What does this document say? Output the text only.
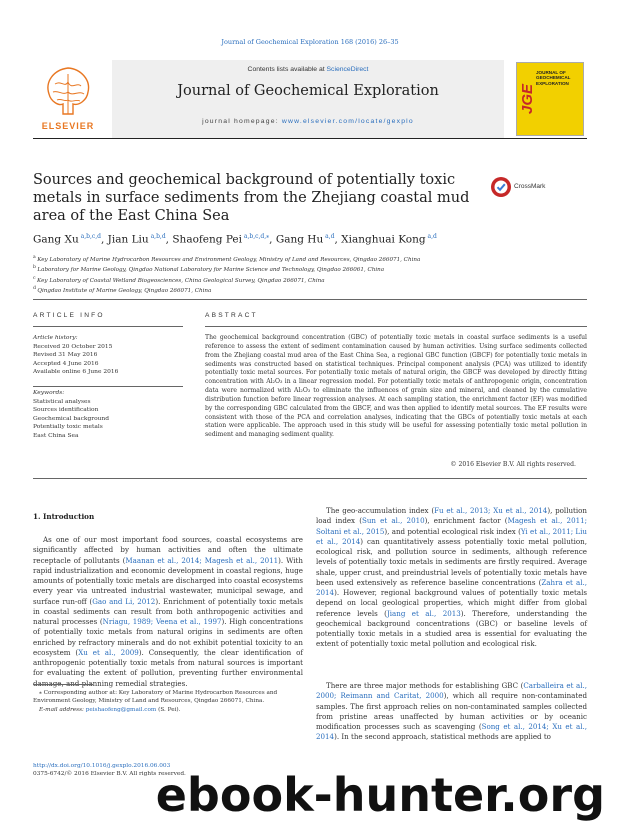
Journal of Geochemical Exploration 168 (2016) 26–35
ELSEVIER
Contents lists available at ScienceDirect
Journal of Geochemical Exploration
journal homepage: www.elsevier.com/locate/gexplo
JGE
JOURNAL OF GEOCHEMICAL EXPLORATION
Sources and geochemical background of potentially toxic metals in surface sediments from the Zhejiang coastal mud area of the East China Sea
CrossMark
Gang Xu $^{a,b,c,d}$, Jian Liu $^{a,b,d}$, Shaofeng Pei $^{a,b,c,d,⁎}$, Gang Hu $^{a,d}$, Xianghuai Kong $^{a,d}$
$^a$ Key Laboratory of Marine Hydrocarbon Resources and Environment Geology, Ministry of Land and Resources, Qingdao 266071, China
$^b$ Laboratory for Marine Geology, Qingdao National Laboratory for Marine Science and Technology, Qingdao 266061, China
$^c$ Key Laboratory of Coastal Wetland Biogeosciences, China Geological Survey, Qingdao 266071, China
$^d$ Qingdao Institute of Marine Geology, Qingdao 266071, China
ARTICLE INFO	ABSTRACT
Article history:
Received 20 October 2015
Revised 31 May 2016
Accepted 4 June 2016
Available online 6 June 2016
Keywords:
Statistical analyses
Sources identification
Geochemical background
Potentially toxic metals
East China Sea
The geochemical background concentration (GBC) of potentially toxic metals in coastal surface sediments is a useful reference to assess the extent of sediment contamination caused by human activities. Using surface sediments collected from the Zhejiang coastal mud area of the East China Sea, a regional GBC function (GBCF) for potentially toxic metals in sediments was constructed based on statistical techniques. Principal component analysis (PCA) was utilized to identify potentially toxic metal sources. For potentially toxic metals of natural origin, the GBCF was developed by directly fitting concentration with Al₂O₃ in a linear regression model. For potentially toxic metals of anthropogenic origin, concentration data were normalized with Al₂O₃ to eliminate the influences of grain size and mineral, and cleaned by the cumulative distribution function before linear regression analyses. At each sampling station, the enrichment factor (EF) was modified by the corresponding GBC calculated from the GBCF, and was then applied to identify metal sources. The EF results were consistent with those of the PCA and correlation analyses, indicating that the GBCs of potentially toxic metals at each station were applicable. The approach used in this study will be useful for assessing potentially toxic metal pollution in sediment and managing sediment quality.
© 2016 Elsevier B.V. All rights reserved.
1. Introduction
As one of our most important food sources, coastal ecosystems are significantly affected by human activities and often the ultimate receptacle of pollutants (Maanan et al., 2014; Magesh et al., 2011). With rapid industrialization and economic development in coastal regions, huge amounts of potentially toxic metals are discharged into coastal ecosystems every year via untreated industrial wastewater, municipal sewage, and surface run-off (Gao and Li, 2012). Enrichment of potentially toxic metals in coastal sediments can result from both anthropogenic activities and natural processes (Nriagu, 1989; Veena et al., 1997). High concentrations of potentially toxic metals from natural origins in sediments are often enriched by refractory minerals and do not exhibit potential toxicity to an ecosystem (Xu et al., 2009). Consequently, the clear identification of anthropogenic potentially toxic metals from natural sources is important for evaluating the extent of pollution, preventing further environmental damage, and planning remedial strategies.
The geo-accumulation index (Fu et al., 2013; Xu et al., 2014), pollution load index (Sun et al., 2010), enrichment factor (Magesh et al., 2011; Soltani et al., 2015), and potential ecological risk index (Yi et al., 2011; Liu et al., 2014) can quantitatively assess potentially toxic metal pollution, ecological risk, and pollution source in sediments, although reference levels of potentially toxic metals in sediments are firstly required. Average shale, upper crust, and preindustrial levels of potentially toxic metals have been used extensively as reference baseline concentrations (Zahra et al., 2014). However, regional background values of potentially toxic metals depend on local geological properties, which might differ from global reference levels (Jiang et al., 2013). Therefore, understanding the geochemical background concentrations (GBC) or baseline levels of potentially toxic metals in a studied area is essential for evaluating the extent of potentially toxic metal pollution and ecological risk.
There are three major methods for establishing GBC (Carballeira et al., 2000; Reimann and Caritat, 2000), which all require non-contaminated samples. The first approach relies on non-contaminated samples collected from pristine areas unaffected by human activities or by oceanic modification processes such as scavenging (Song et al., 2014; Xu et al., 2014). In the second approach, statistical methods are applied to
⁎ Corresponding author at: Key Laboratory of Marine Hydrocarbon Resources and Environment Geology, Ministry of Land and Resources, Qingdao 266071, China.
E-mail address: peishaofeng@gmail.com (S. Pei).
http://dx.doi.org/10.1016/j.gexplo.2016.06.003
0375-6742/© 2016 Elsevier B.V. All rights reserved.
ebook-hunter.org
